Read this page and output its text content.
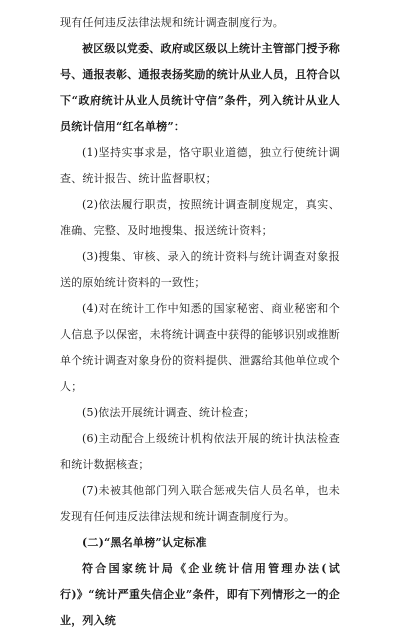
现有任何违反法律法规和统计调查制度行为。

被区级以党委、政府或区级以上统计主管部门授予称号、通报表彰、通报表扬奖励的统计从业人员，且符合以下“政府统计从业人员统计守信”条件，列入统计从业人员统计信用“红名单榜”：

(1)坚持实事求是，恪守职业道德，独立行使统计调查、统计报告、统计监督职权；

(2)依法履行职责，按照统计调查制度规定，真实、准确、完整、及时地搜集、报送统计资料；

(3)搜集、审核、录入的统计资料与统计调查对象报送的原始统计资料的一致性；

(4)对在统计工作中知悉的国家秘密、商业秘密和个人信息予以保密，未将统计调查中获得的能够识别或推断单个统计调查对象身份的资料提供、泄露给其他单位或个人；

(5)依法开展统计调查、统计检查；

(6)主动配合上级统计机构依法开展的统计执法检查和统计数据核查；

(7)未被其他部门列入联合惩戒失信人员名单，也未发现有任何违反法律法规和统计调查制度行为。

(二)“黑名单榜”认定标准

符合国家统计局《企业统计信用管理办法(试行)》“统计严重失信企业”条件，即有下列情形之一的企业，列入统
